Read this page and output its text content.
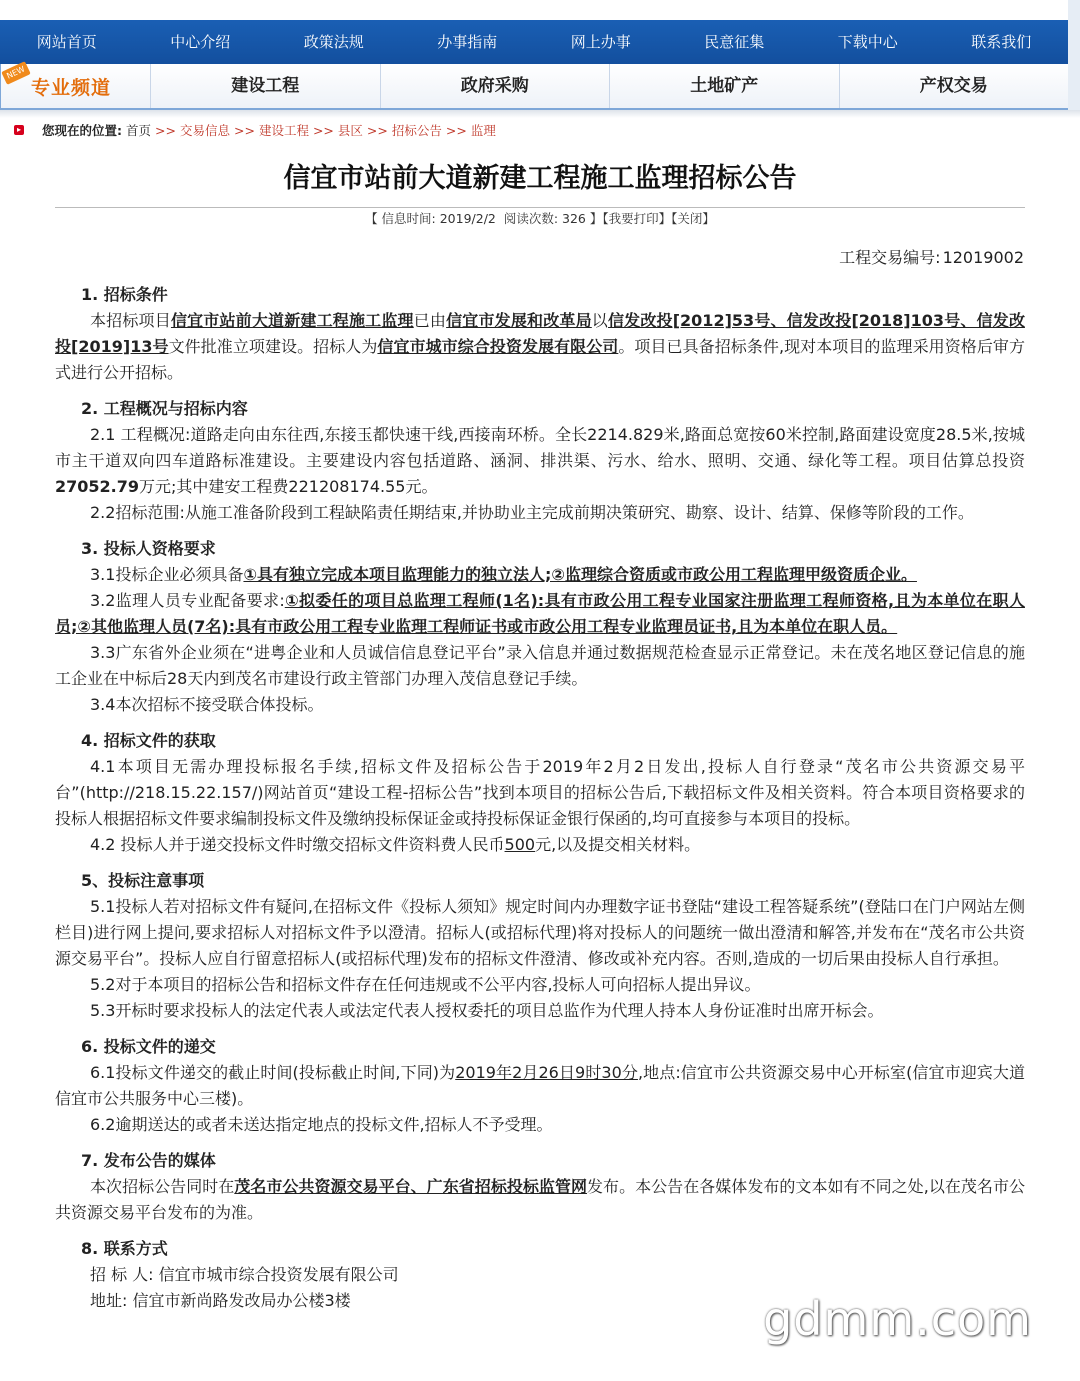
网站首页	中心介绍	政策法规	办事指南	网上办事	民意征集	下载中心	联系我们
NEW
专业频道	建设工程	政府采购	土地矿产	产权交易
▸ 您现在的位置: 首页 >> 交易信息 >> 建设工程 >> 县区 >> 招标公告 >> 监理
信宜市站前大道新建工程施工监理招标公告
【 信息时间: 2019/2/2 阅读次数: 326 】【我要打印】【关闭】
工程交易编号: 12019002
1. 招标条件

本招标项目信宜市站前大道新建工程施工监理已由信宜市发展和改革局以信发改投[2012]53号、信发改投[2018]103号、信发改投[2019]13号文件批准立项建设。招标人为信宜市城市综合投资发展有限公司。项目已具备招标条件,现对本项目的监理采用资格后审方式进行公开招标。

2. 工程概况与招标内容

2.1 工程概况:道路走向由东往西,东接玉都快速干线,西接南环桥。全长2214.829米,路面总宽按60米控制,路面建设宽度28.5米,按城市主干道双向四车道路标准建设。主要建设内容包括道路、涵洞、排洪渠、污水、给水、照明、交通、绿化等工程。项目估算总投资27052.79万元;其中建安工程费221208174.55元。

2.2招标范围:从施工准备阶段到工程缺陷责任期结束,并协助业主完成前期决策研究、勘察、设计、结算、保修等阶段的工作。

3. 投标人资格要求

3.1投标企业必须具备①具有独立完成本项目监理能力的独立法人;②监理综合资质或市政公用工程监理甲级资质企业。

3.2监理人员专业配备要求:①拟委任的项目总监理工程师(1名):具有市政公用工程专业国家注册监理工程师资格,且为本单位在职人员;②其他监理人员(7名):具有市政公用工程专业监理工程师证书或市政公用工程专业监理员证书,且为本单位在职人员。

3.3广东省外企业须在“进粤企业和人员诚信信息登记平台”录入信息并通过数据规范检查显示正常登记。未在茂名地区登记信息的施工企业在中标后28天内到茂名市建设行政主管部门办理入茂信息登记手续。

3.4本次招标不接受联合体投标。

4. 招标文件的获取

4.1本项目无需办理投标报名手续,招标文件及招标公告于2019年2月2日发出,投标人自行登录“茂名市公共资源交易平台”(http://218.15.22.157/)网站首页“建设工程-招标公告”找到本项目的招标公告后,下载招标文件及相关资料。符合本项目资格要求的投标人根据招标文件要求编制投标文件及缴纳投标保证金或持投标保证金银行保函的,均可直接参与本项目的投标。

4.2 投标人并于递交投标文件时缴交招标文件资料费人民币500元,以及提交相关材料。

5、投标注意事项

5.1投标人若对招标文件有疑问,在招标文件《投标人须知》规定时间内办理数字证书登陆“建设工程答疑系统”(登陆口在门户网站左侧栏目)进行网上提问,要求招标人对招标文件予以澄清。招标人(或招标代理)将对投标人的问题统一做出澄清和解答,并发布在“茂名市公共资源交易平台”。投标人应自行留意招标人(或招标代理)发布的招标文件澄清、修改或补充内容。否则,造成的一切后果由投标人自行承担。

5.2对于本项目的招标公告和招标文件存在任何违规或不公平内容,投标人可向招标人提出异议。

5.3开标时要求投标人的法定代表人或法定代表人授权委托的项目总监作为代理人持本人身份证准时出席开标会。

6. 投标文件的递交

6.1投标文件递交的截止时间(投标截止时间,下同)为2019年2月26日9时30分,地点:信宜市公共资源交易中心开标室(信宜市迎宾大道信宜市公共服务中心三楼)。

6.2逾期送达的或者未送达指定地点的投标文件,招标人不予受理。

7. 发布公告的媒体

本次招标公告同时在茂名市公共资源交易平台、广东省招标投标监管网发布。本公告在各媒体发布的文本如有不同之处,以在茂名市公共资源交易平台发布的为准。

8. 联系方式

招 标 人: 信宜市城市综合投资发展有限公司

地址: 信宜市新尚路发改局办公楼3楼	gdmm.com
